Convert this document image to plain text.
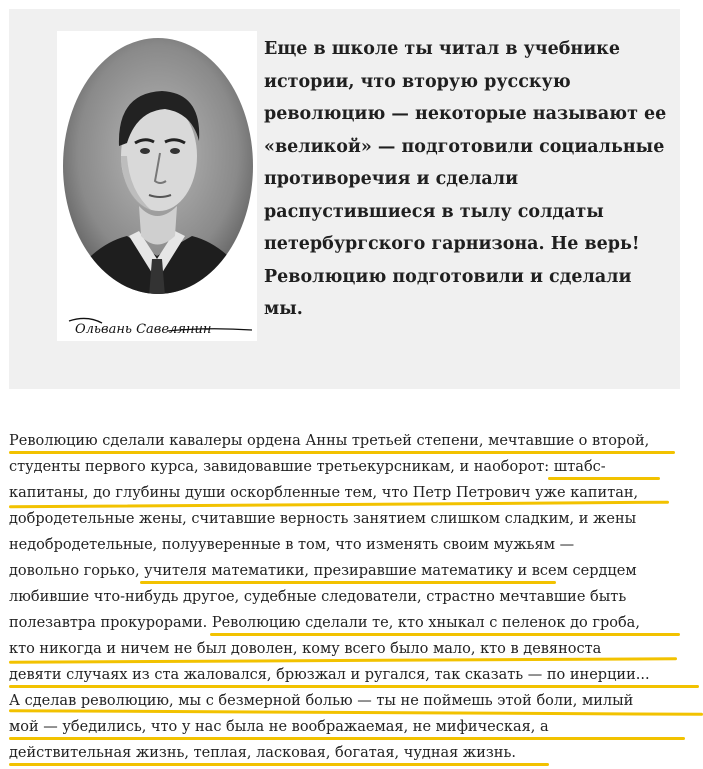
Ольвань Савелянин

Еще в школе ты читал в учебнике
истории, что вторую русскую
революцию — некоторые называют ее
«великой» — подготовили социальные
противоречия и сделали
распустившиеся в тылу солдаты
петербургского гарнизона. Не верь!
Революцию подготовили и сделали
мы.

Революцию сделали кавалеры ордена Анны третьей степени, мечтавшие о второй,
студенты первого курса, завидовавшие третьекурсникам, и наоборот: штабс-
капитаны, до глубины души оскорбленные тем, что Петр Петрович уже капитан,
добродетельные жены, считавшие верность занятием слишком сладким, и жены
недобродетельные, полууверенные в том, что изменять своим мужьям —
довольно горько, учителя математики, презиравшие математику и всем сердцем
любившие что-нибудь другое, судебные следователи, страстно мечтавшие быть
полезавтра прокурорами. Революцию сделали те, кто хныкал с пеленок до гроба,
кто никогда и ничем не был доволен, кому всего было мало, кто в девяноста
девяти случаях из ста жаловался, брюзжал и ругался, так сказать — по инерции...
А сделав революцию, мы с безмерной болью — ты не поймешь этой боли, милый
мой — убедились, что у нас была не воображаемая, не мифическая, а
действительная жизнь, теплая, ласковая, богатая, чудная жизнь.
